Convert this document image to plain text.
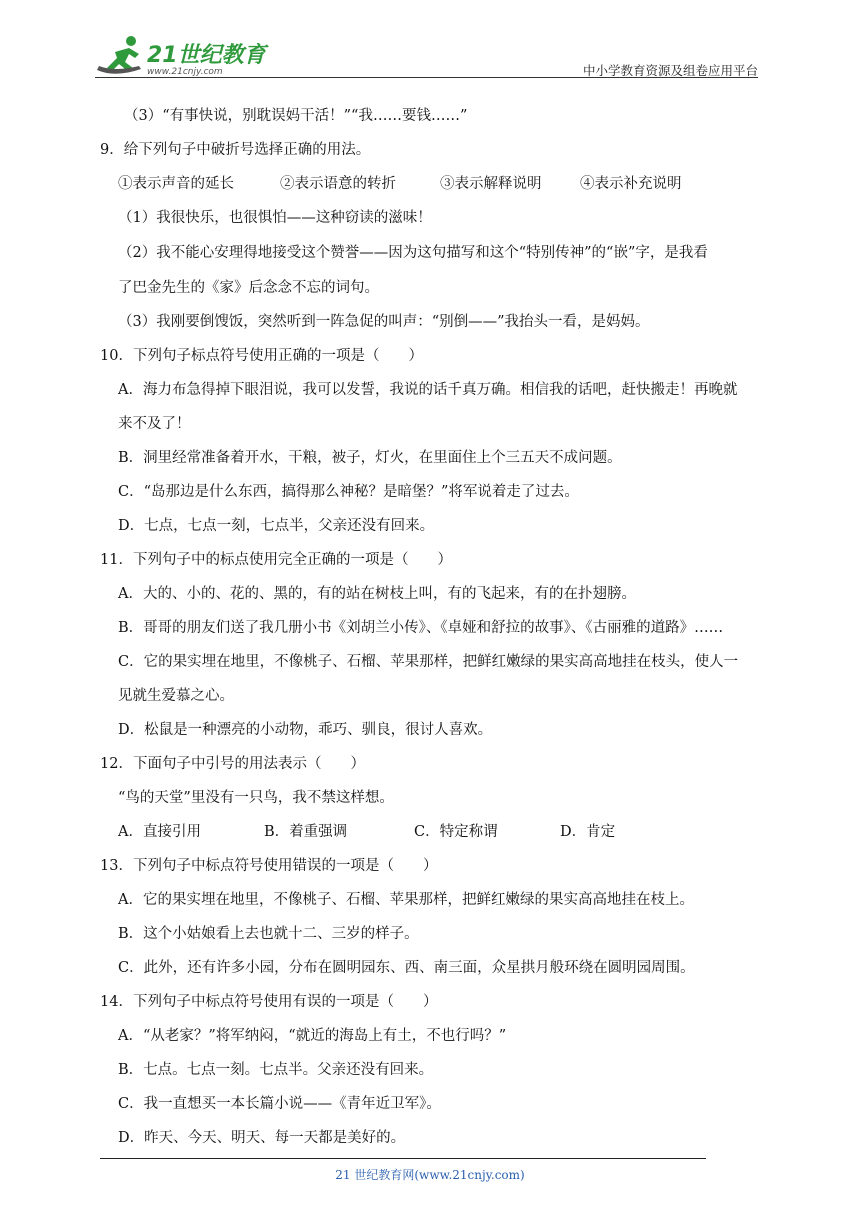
21世纪教育
www.21cnjy.com	中小学教育资源及组卷应用平台
（3）“有事快说，别耽误妈干活！”“我……要钱……”
9．给下列句子中破折号选择正确的用法。
①表示声音的延长	②表示语意的转折	③表示解释说明	④表示补充说明
（1）我很快乐，也很惧怕——这种窃读的滋味！
（2）我不能心安理得地接受这个赞誉——因为这句描写和这个“特别传神”的“嵌”字，是我看
了巴金先生的《家》后念念不忘的词句。
（3）我刚要倒馊饭，突然听到一阵急促的叫声：“别倒——”我抬头一看，是妈妈。
10．下列句子标点符号使用正确的一项是（　　）
A．海力布急得掉下眼泪说，我可以发誓，我说的话千真万确。相信我的话吧，赶快搬走！再晚就
来不及了！
B．洞里经常准备着开水，干粮，被子，灯火，在里面住上个三五天不成问题。
C．“岛那边是什么东西，搞得那么神秘？是暗堡？”将军说着走了过去。
D．七点，七点一刻，七点半，父亲还没有回来。
11．下列句子中的标点使用完全正确的一项是（　　）
A．大的、小的、花的、黑的，有的站在树枝上叫，有的飞起来，有的在扑翅膀。
B．哥哥的朋友们送了我几册小书《刘胡兰小传》、《卓娅和舒拉的故事》、《古丽雅的道路》……
C．它的果实埋在地里，不像桃子、石榴、苹果那样，把鲜红嫩绿的果实高高地挂在枝头，使人一
见就生爱慕之心。
D．松鼠是一种漂亮的小动物，乖巧、驯良，很讨人喜欢。
12．下面句子中引号的用法表示（　　）
“鸟的天堂”里没有一只鸟，我不禁这样想。
A．直接引用	B．着重强调	C．特定称谓	D．肯定
13．下列句子中标点符号使用错误的一项是（　　）
A．它的果实埋在地里，不像桃子、石榴、苹果那样，把鲜红嫩绿的果实高高地挂在枝上。
B．这个小姑娘看上去也就十二、三岁的样子。
C．此外，还有许多小园，分布在圆明园东、西、南三面，众星拱月般环绕在圆明园周围。
14．下列句子中标点符号使用有误的一项是（　　）
A．“从老家？”将军纳闷，“就近的海岛上有土，不也行吗？”
B．七点。七点一刻。七点半。父亲还没有回来。
C．我一直想买一本长篇小说——《青年近卫军》。
D．昨天、今天、明天、每一天都是美好的。
21 世纪教育网(www.21cnjy.com)
